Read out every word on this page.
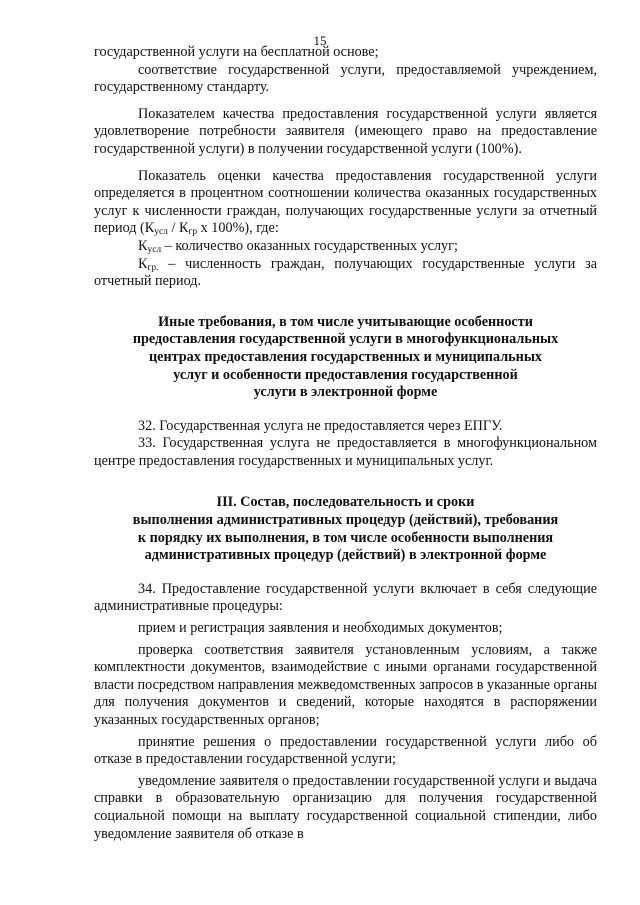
15

государственной услуги на бесплатной основе;

соответствие государственной услуги, предоставляемой учреждением, государственному стандарту.

Показателем качества предоставления государственной услуги является удовлетворение потребности заявителя (имеющего право на предоставление государственной услуги) в получении государственной услуги (100%).

Показатель оценки качества предоставления государственной услуги определяется в процентном соотношении количества оказанных государственных услуг к численности граждан, получающих государственные услуги за отчетный период ($К_{усл} / К_{гр}$ х 100%), где:

$К_{усл}$ – количество оказанных государственных услуг;

$К_{гр.}$ – численность граждан, получающих государственные услуги за отчетный период.

Иные требования, в том числе учитывающие особенности
предоставления государственной услуги в многофункциональных
центрах предоставления государственных и муниципальных
услуг и особенности предоставления государственной
услуги в электронной форме

32. Государственная услуга не предоставляется через ЕПГУ.

33. Государственная услуга не предоставляется в многофункциональном центре предоставления государственных и муниципальных услуг.

III. Состав, последовательность и сроки
выполнения административных процедур (действий), требования
к порядку их выполнения, в том числе особенности выполнения
административных процедур (действий) в электронной форме

34. Предоставление государственной услуги включает в себя следующие административные процедуры:

прием и регистрация заявления и необходимых документов;

проверка соответствия заявителя установленным условиям, а также комплектности документов, взаимодействие с иными органами государственной власти посредством направления межведомственных запросов в указанные органы для получения документов и сведений, которые находятся в распоряжении указанных государственных органов;

принятие решения о предоставлении государственной услуги либо об отказе в предоставлении государственной услуги;

уведомление заявителя о предоставлении государственной услуги и выдача справки в образовательную организацию для получения государственной социальной помощи на выплату государственной социальной стипендии, либо уведомление заявителя об отказе в
